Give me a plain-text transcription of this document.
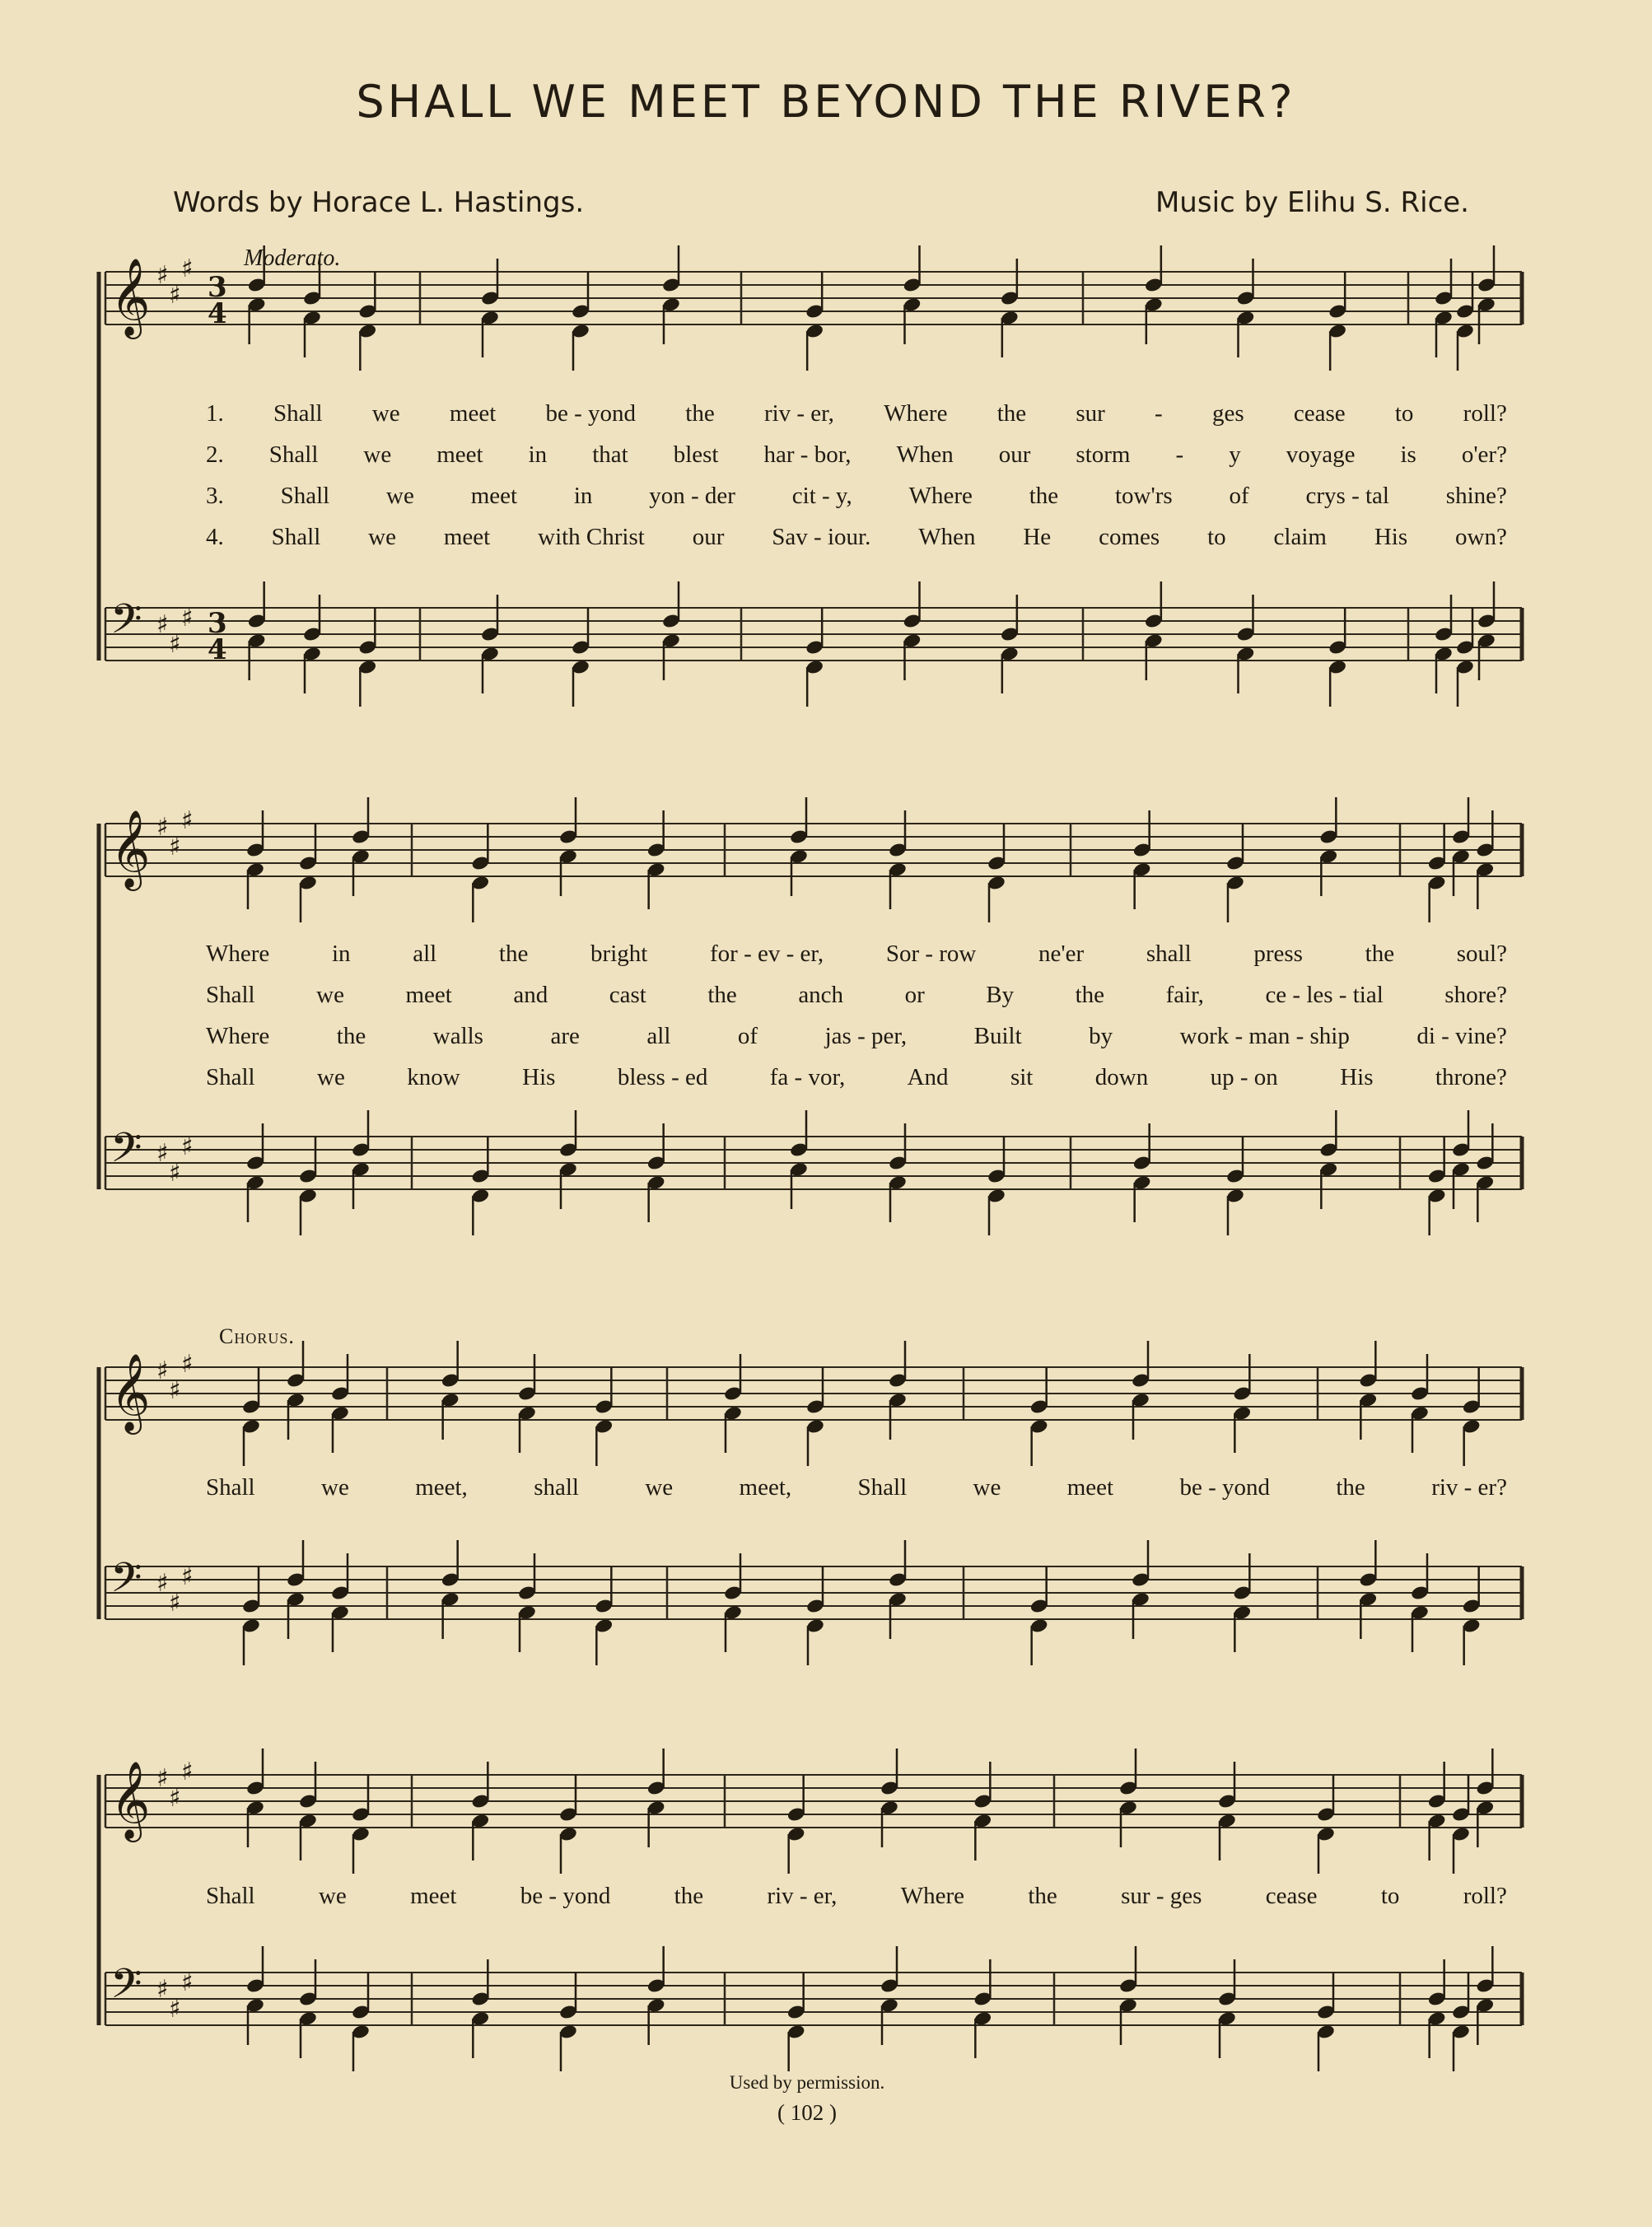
SHALL WE MEET BEYOND THE RIVER?
Words by Horace L. Hastings.	Music by Elihu S. Rice.
Moderato.
Chorus.
𝄞 ♯
♯
♯
𝄢 ♯
♯
♯
𝄞 ♯
♯
♯
𝄢 ♯
♯
♯
𝄞 ♯
♯
♯
𝄢 ♯
♯
♯
𝄞 ♯
♯
♯
𝄢 ♯
♯
♯
3
4
3
4
1. Shall we meet be - yond the riv - er, Where the sur - ges cease to roll?
2. Shall we meet in that blest har - bor, When our storm - y voyage is o'er?
3. Shall we meet in yon - der cit - y, Where the tow'rs of crys - tal shine?
4. Shall we meet with Christ our Sav - iour. When He comes to claim His own?
Where	in	all	the	bright	for - ev - er,	Sor - row	ne'er	shall	press	the	soul?
Shall	we	meet	and	cast	the	anch	or	By	the	fair,	ce - les - tial	shore?
Where	the	walls	are	all	of	jas - per,	Built	by	work - man - ship	di - vine?
Shall	we	know	His	bless - ed	fa - vor,	And	sit	down	up - on	His	throne?
Shall	we	meet,	shall	we	meet,	Shall	we	meet	be - yond	the	riv - er?
Shall	we	meet	be - yond	the	riv - er,	Where	the	sur - ges	cease	to	roll?
Used by permission.
( 102 )
